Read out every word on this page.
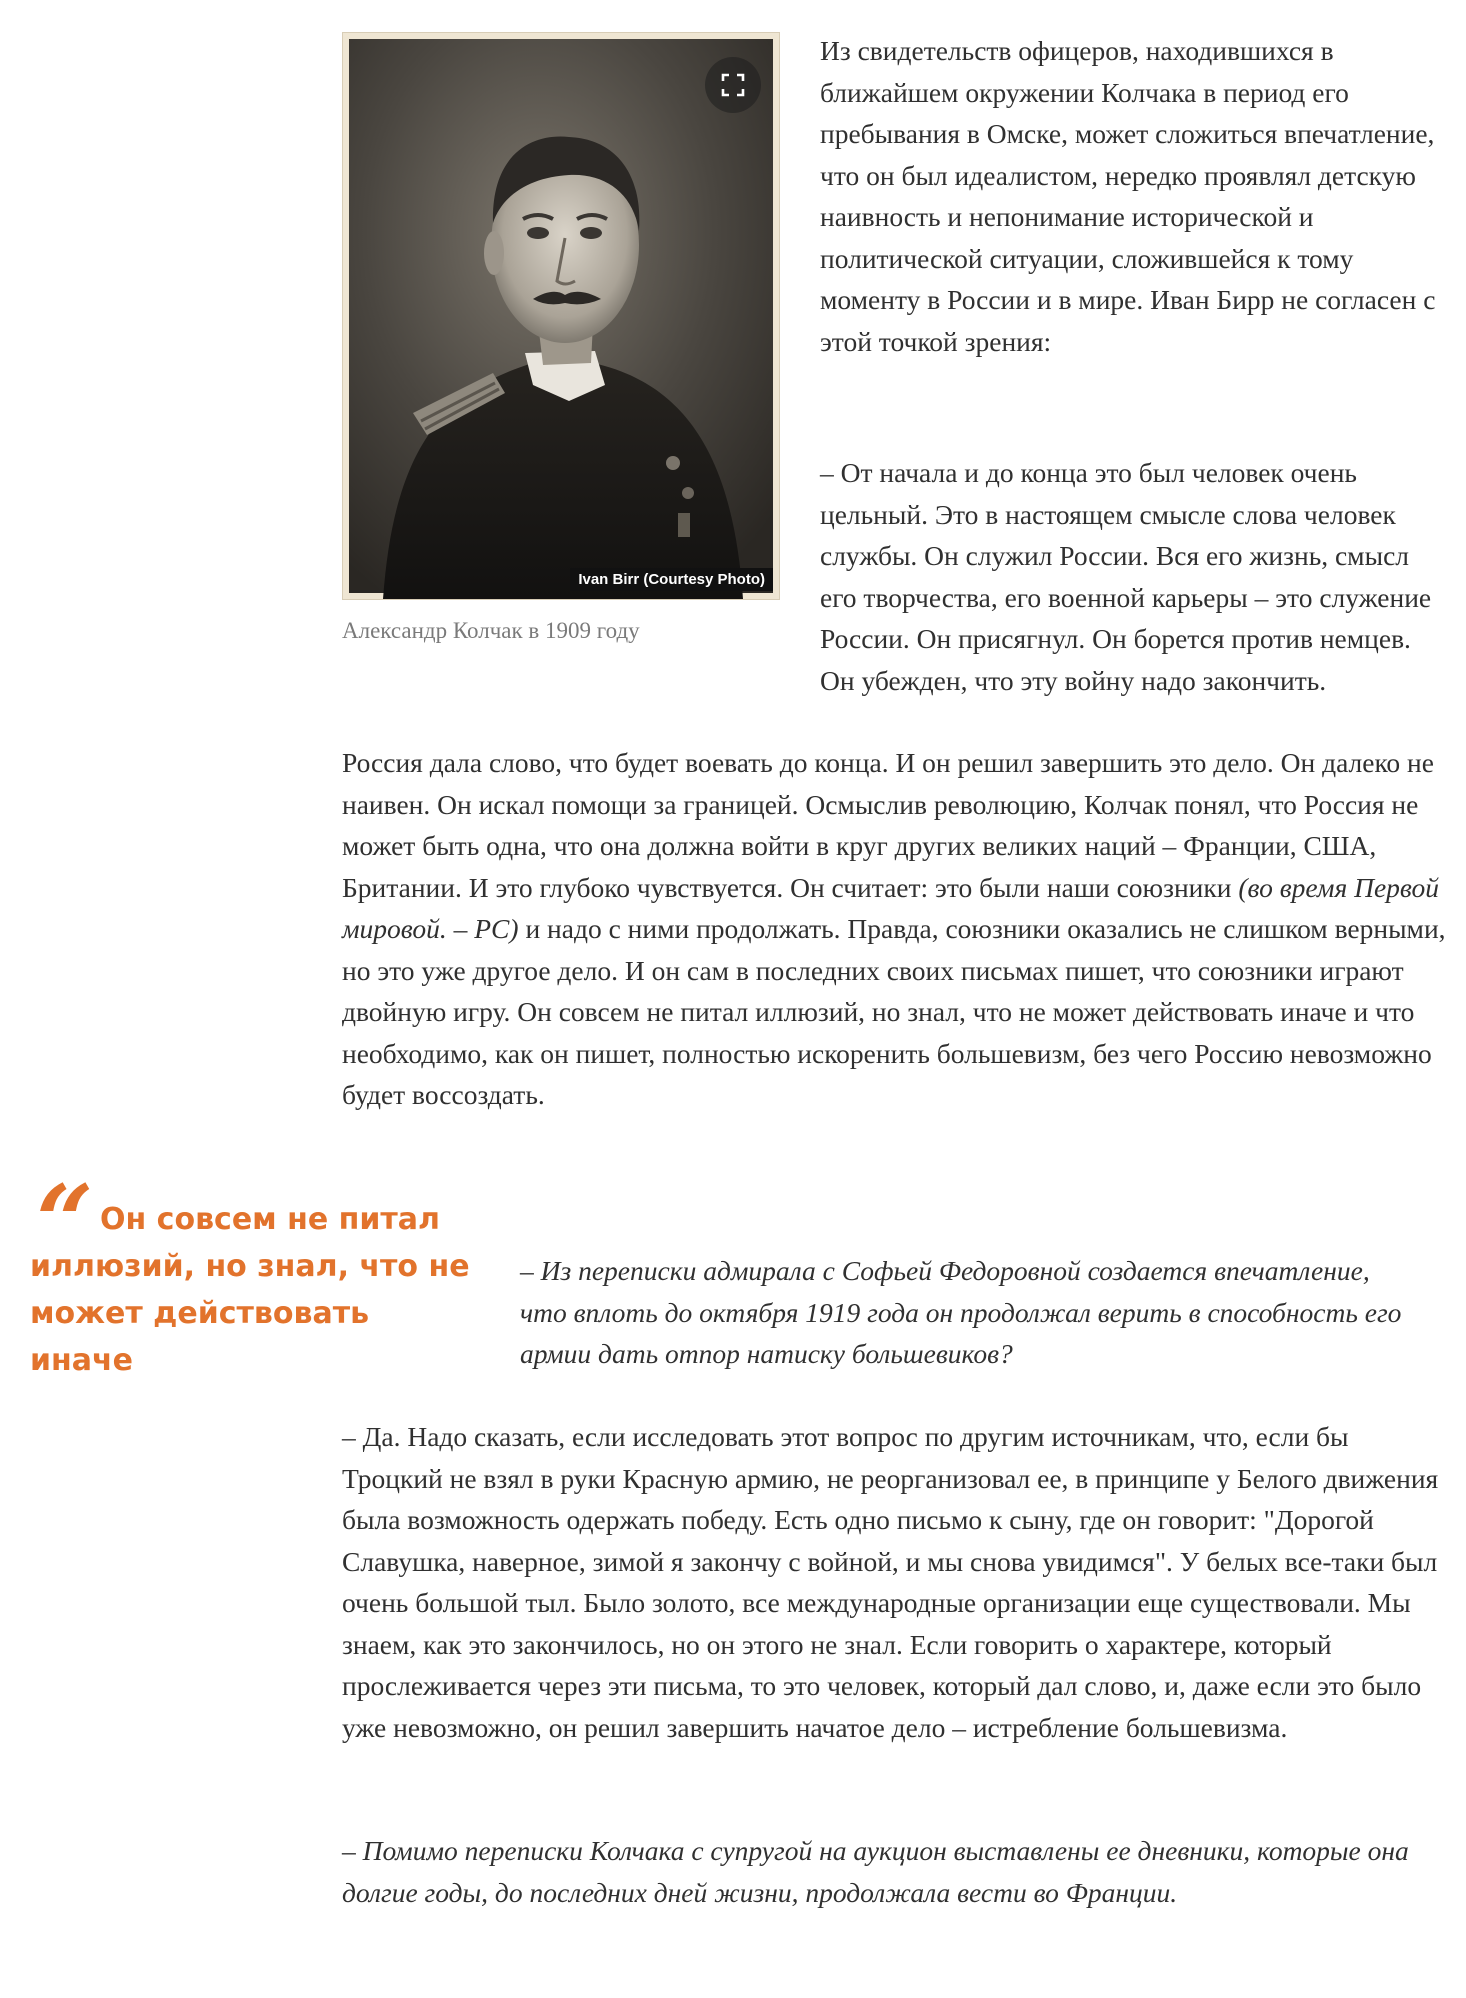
Ivan Birr (Courtesy Photo)
Александр Колчак в 1909 году

Из свидетельств офицеров, находившихся в ближайшем окружении Колчака в период его пребывания в Омске, может сложиться впечатление, что он был идеалистом, нередко проявлял детскую наивность и непонимание исторической и политической ситуации, сложившейся к тому моменту в России и в мире. Иван Бирр не согласен с этой точкой зрения:

– От начала и до конца это был человек очень цельный. Это в настоящем смысле слова человек службы. Он служил России. Вся его жизнь, смысл его творчества, его военной карьеры – это служение России. Он присягнул. Он борется против немцев. Он убежден, что эту войну надо закончить.

Россия дала слово, что будет воевать до конца. И он решил завершить это дело. Он далеко не наивен. Он искал помощи за границей. Осмыслив революцию, Колчак понял, что Россия не может быть одна, что она должна войти в круг других великих наций – Франции, США, Британии. И это глубоко чувствуется. Он считает: это были наши союзники (во время Первой мировой. – РС) и надо с ними продолжать. Правда, союзники оказались не слишком верными, но это уже другое дело. И он сам в последних своих письмах пишет, что союзники играют двойную игру. Он совсем не питал иллюзий, но знал, что не может действовать иначе и что необходимо, как он пишет, полностью искоренить большевизм, без чего Россию невозможно будет воссоздать.

“ Он совсем не питал иллюзий, но знал, что не может действовать иначе

– Из переписки адмирала с Софьей Федоровной создается впечатление, что вплоть до октября 1919 года он продолжал верить в способность его армии дать отпор натиску большевиков?

– Да. Надо сказать, если исследовать этот вопрос по другим источникам, что, если бы Троцкий не взял в руки Красную армию, не реорганизовал ее, в принципе у Белого движения была возможность одержать победу. Есть одно письмо к сыну, где он говорит: "Дорогой Славушка, наверное, зимой я закончу с войной, и мы снова увидимся". У белых все-таки был очень большой тыл. Было золото, все международные организации еще существовали. Мы знаем, как это закончилось, но он этого не знал. Если говорить о характере, который прослеживается через эти письма, то это человек, который дал слово, и, даже если это было уже невозможно, он решил завершить начатое дело – истребление большевизма.

– Помимо переписки Колчака с супругой на аукцион выставлены ее дневники, которые она долгие годы, до последних дней жизни, продолжала вести во Франции.
